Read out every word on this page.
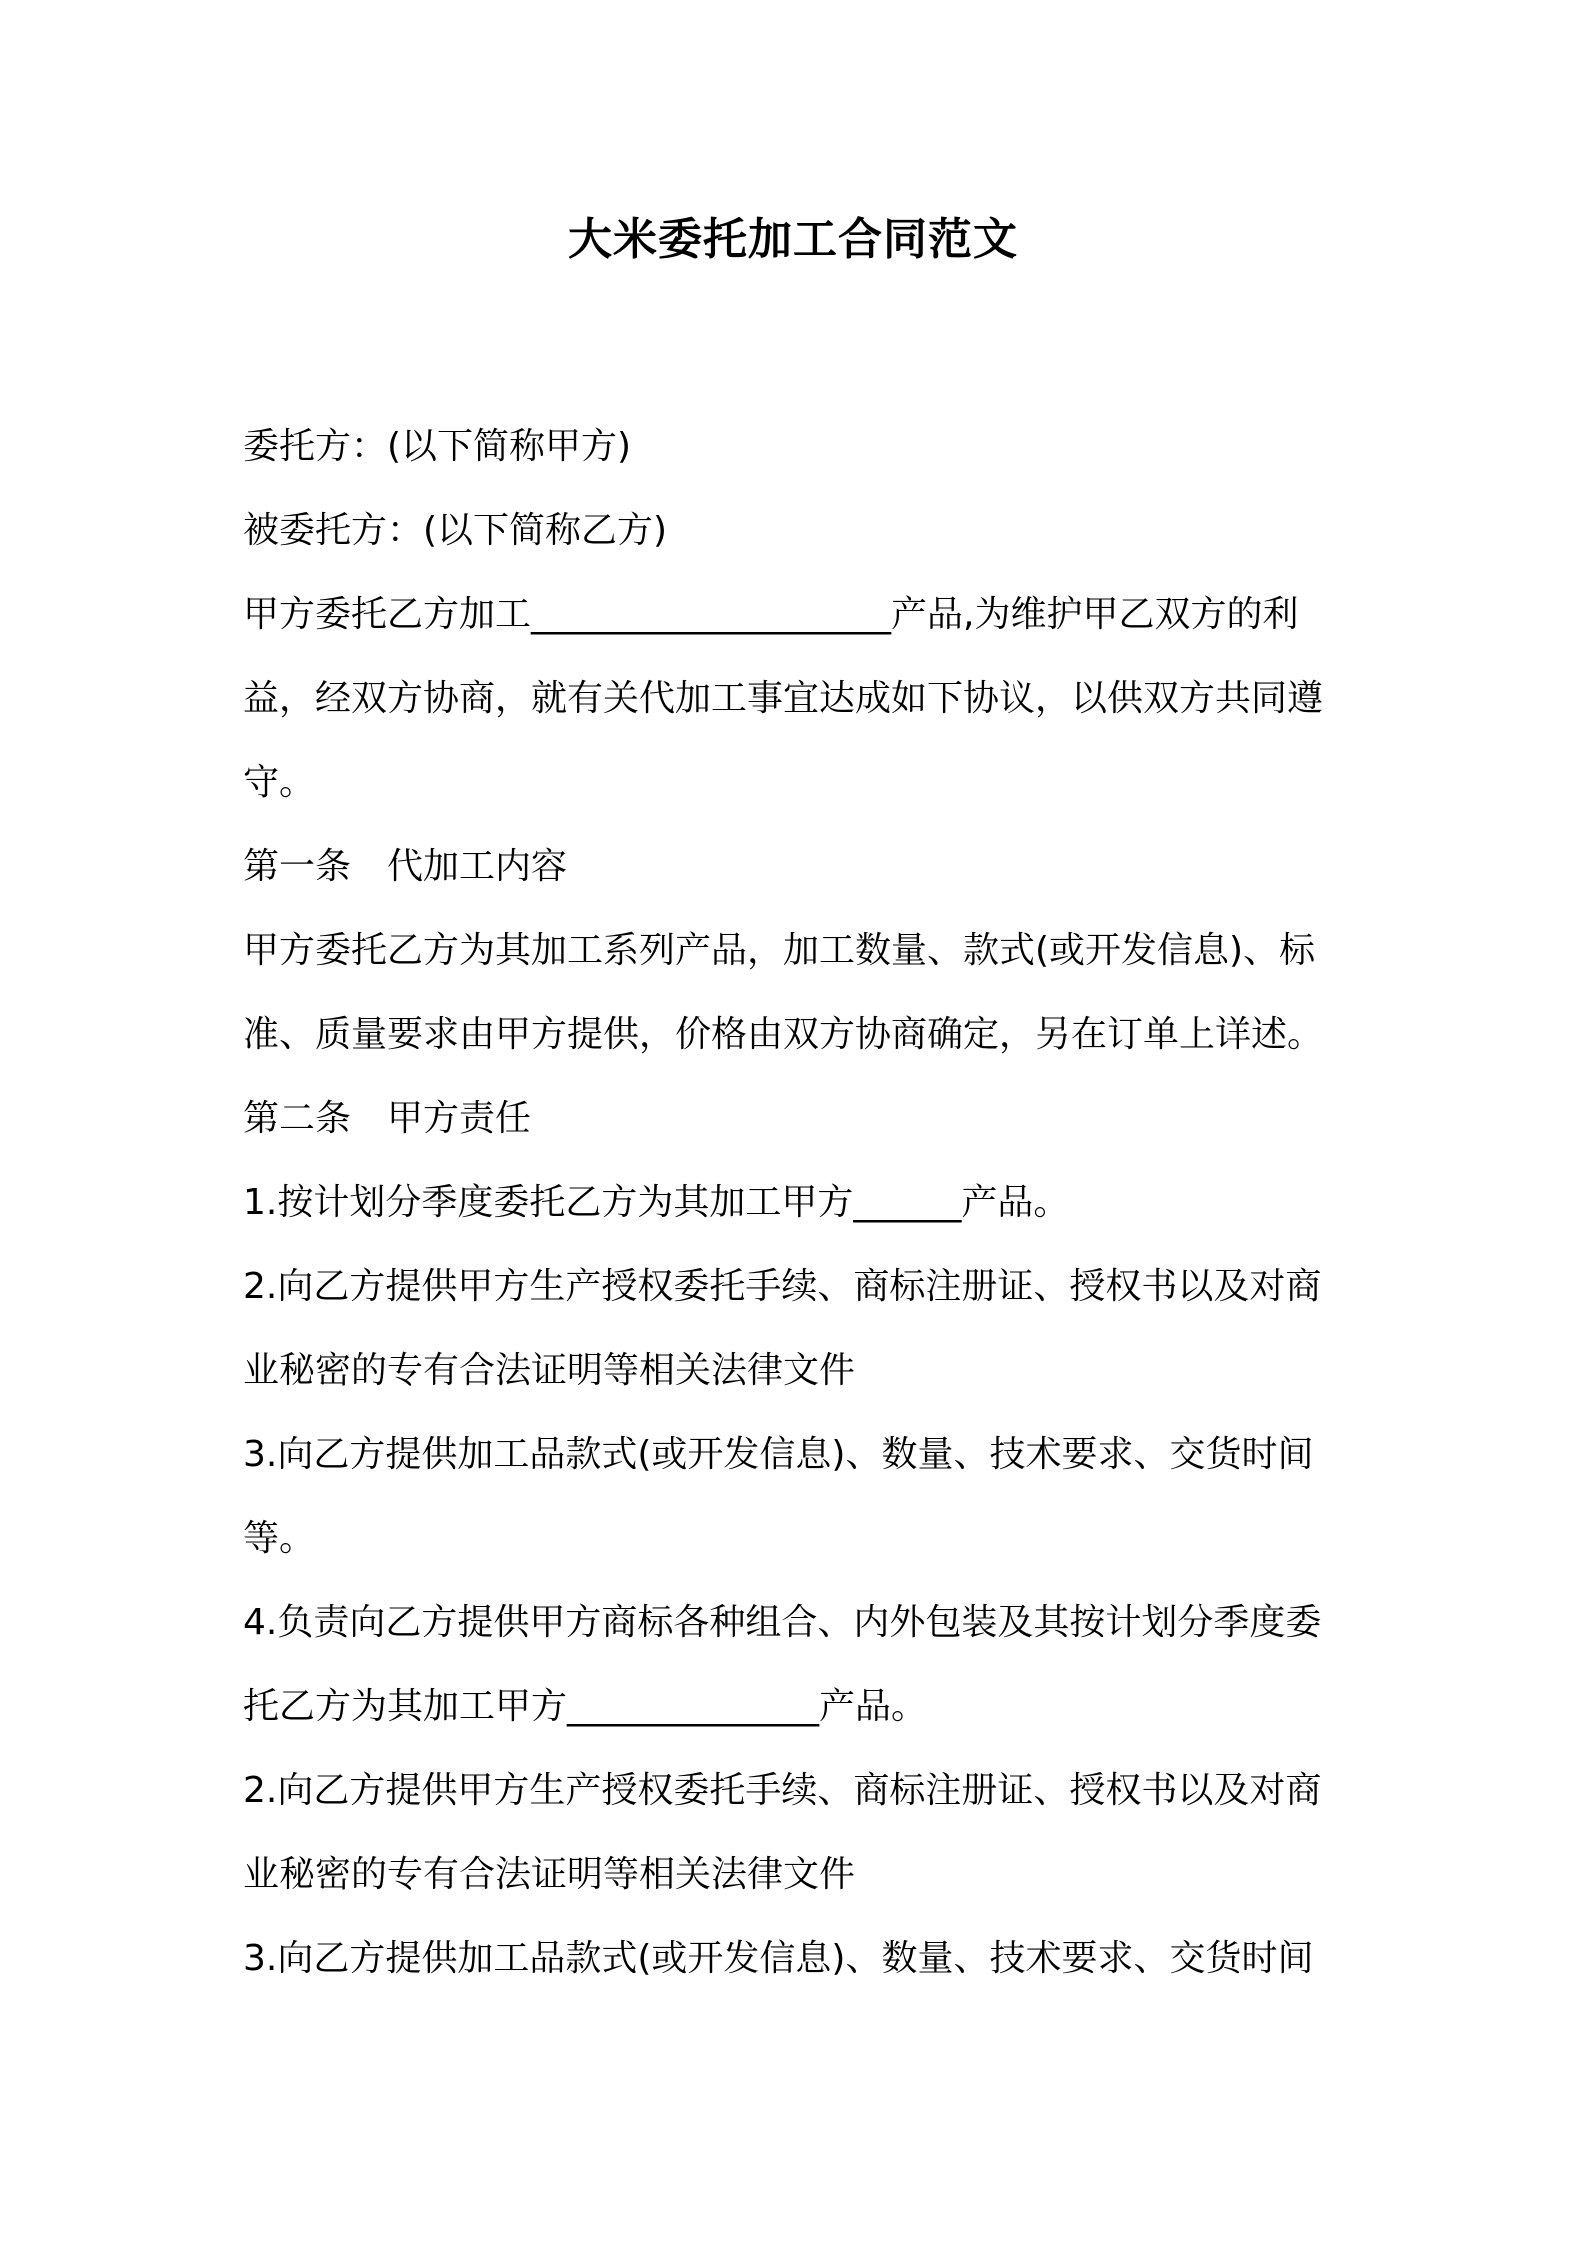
大米委托加工合同范文

委托方：(以下简称甲方)

被委托方：(以下简称乙方)

甲方委托乙方加工____________________产品,为维护甲乙双方的利

益，经双方协商，就有关代加工事宜达成如下协议，以供双方共同遵

守。

第一条　代加工内容

甲方委托乙方为其加工系列产品，加工数量、款式(或开发信息)、标

准、质量要求由甲方提供，价格由双方协商确定，另在订单上详述。

第二条　甲方责任

1.按计划分季度委托乙方为其加工甲方______产品。

2.向乙方提供甲方生产授权委托手续、商标注册证、授权书以及对商

业秘密的专有合法证明等相关法律文件

3.向乙方提供加工品款式(或开发信息)、数量、技术要求、交货时间

等。

4.负责向乙方提供甲方商标各种组合、内外包装及其按计划分季度委

托乙方为其加工甲方______________产品。

2.向乙方提供甲方生产授权委托手续、商标注册证、授权书以及对商

业秘密的专有合法证明等相关法律文件

3.向乙方提供加工品款式(或开发信息)、数量、技术要求、交货时间
